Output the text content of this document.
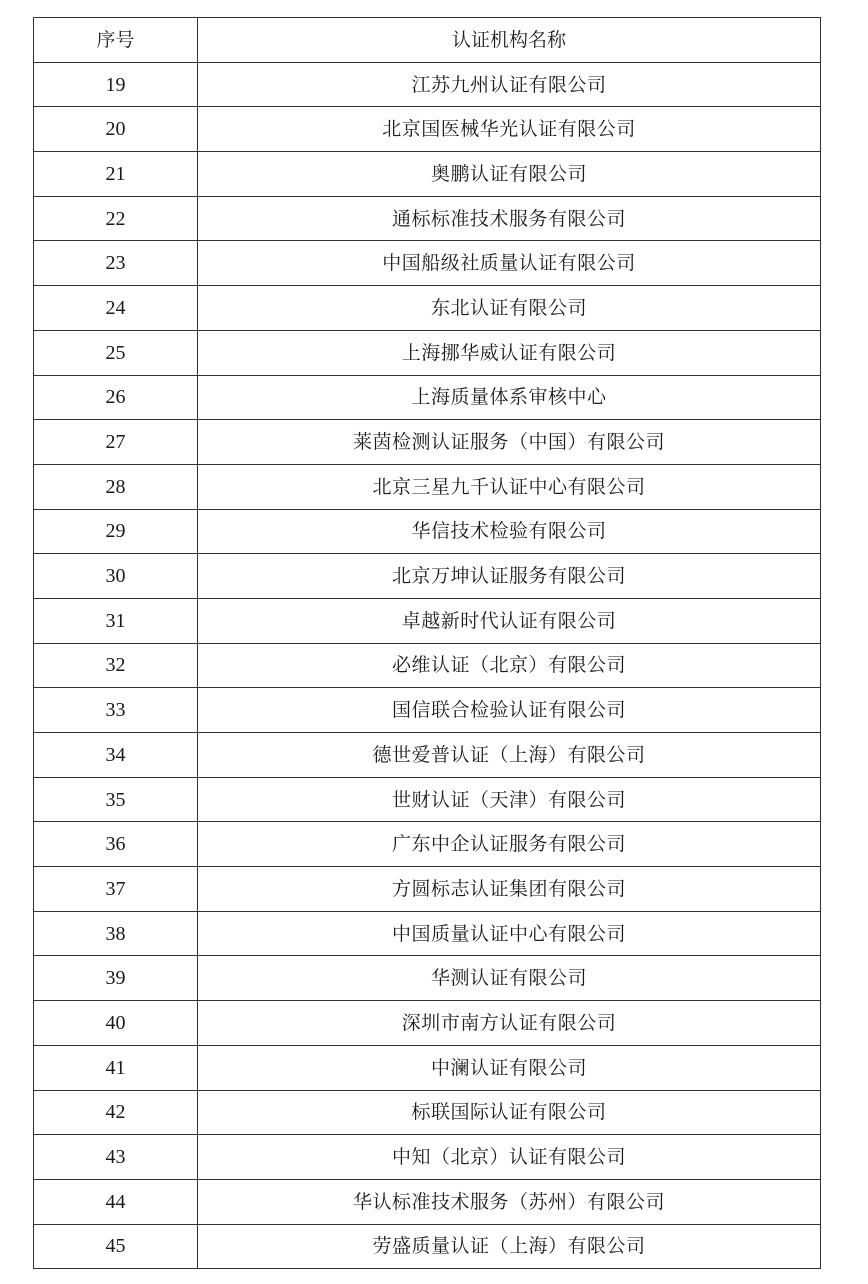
序号	认证机构名称
19	江苏九州认证有限公司
20	北京国医械华光认证有限公司
21	奥鹏认证有限公司
22	通标标准技术服务有限公司
23	中国船级社质量认证有限公司
24	东北认证有限公司
25	上海挪华威认证有限公司
26	上海质量体系审核中心
27	莱茵检测认证服务（中国）有限公司
28	北京三星九千认证中心有限公司
29	华信技术检验有限公司
30	北京万坤认证服务有限公司
31	卓越新时代认证有限公司
32	必维认证（北京）有限公司
33	国信联合检验认证有限公司
34	德世爱普认证（上海）有限公司
35	世财认证（天津）有限公司
36	广东中企认证服务有限公司
37	方圆标志认证集团有限公司
38	中国质量认证中心有限公司
39	华测认证有限公司
40	深圳市南方认证有限公司
41	中澜认证有限公司
42	标联国际认证有限公司
43	中知（北京）认证有限公司
44	华认标准技术服务（苏州）有限公司
45	劳盛质量认证（上海）有限公司
